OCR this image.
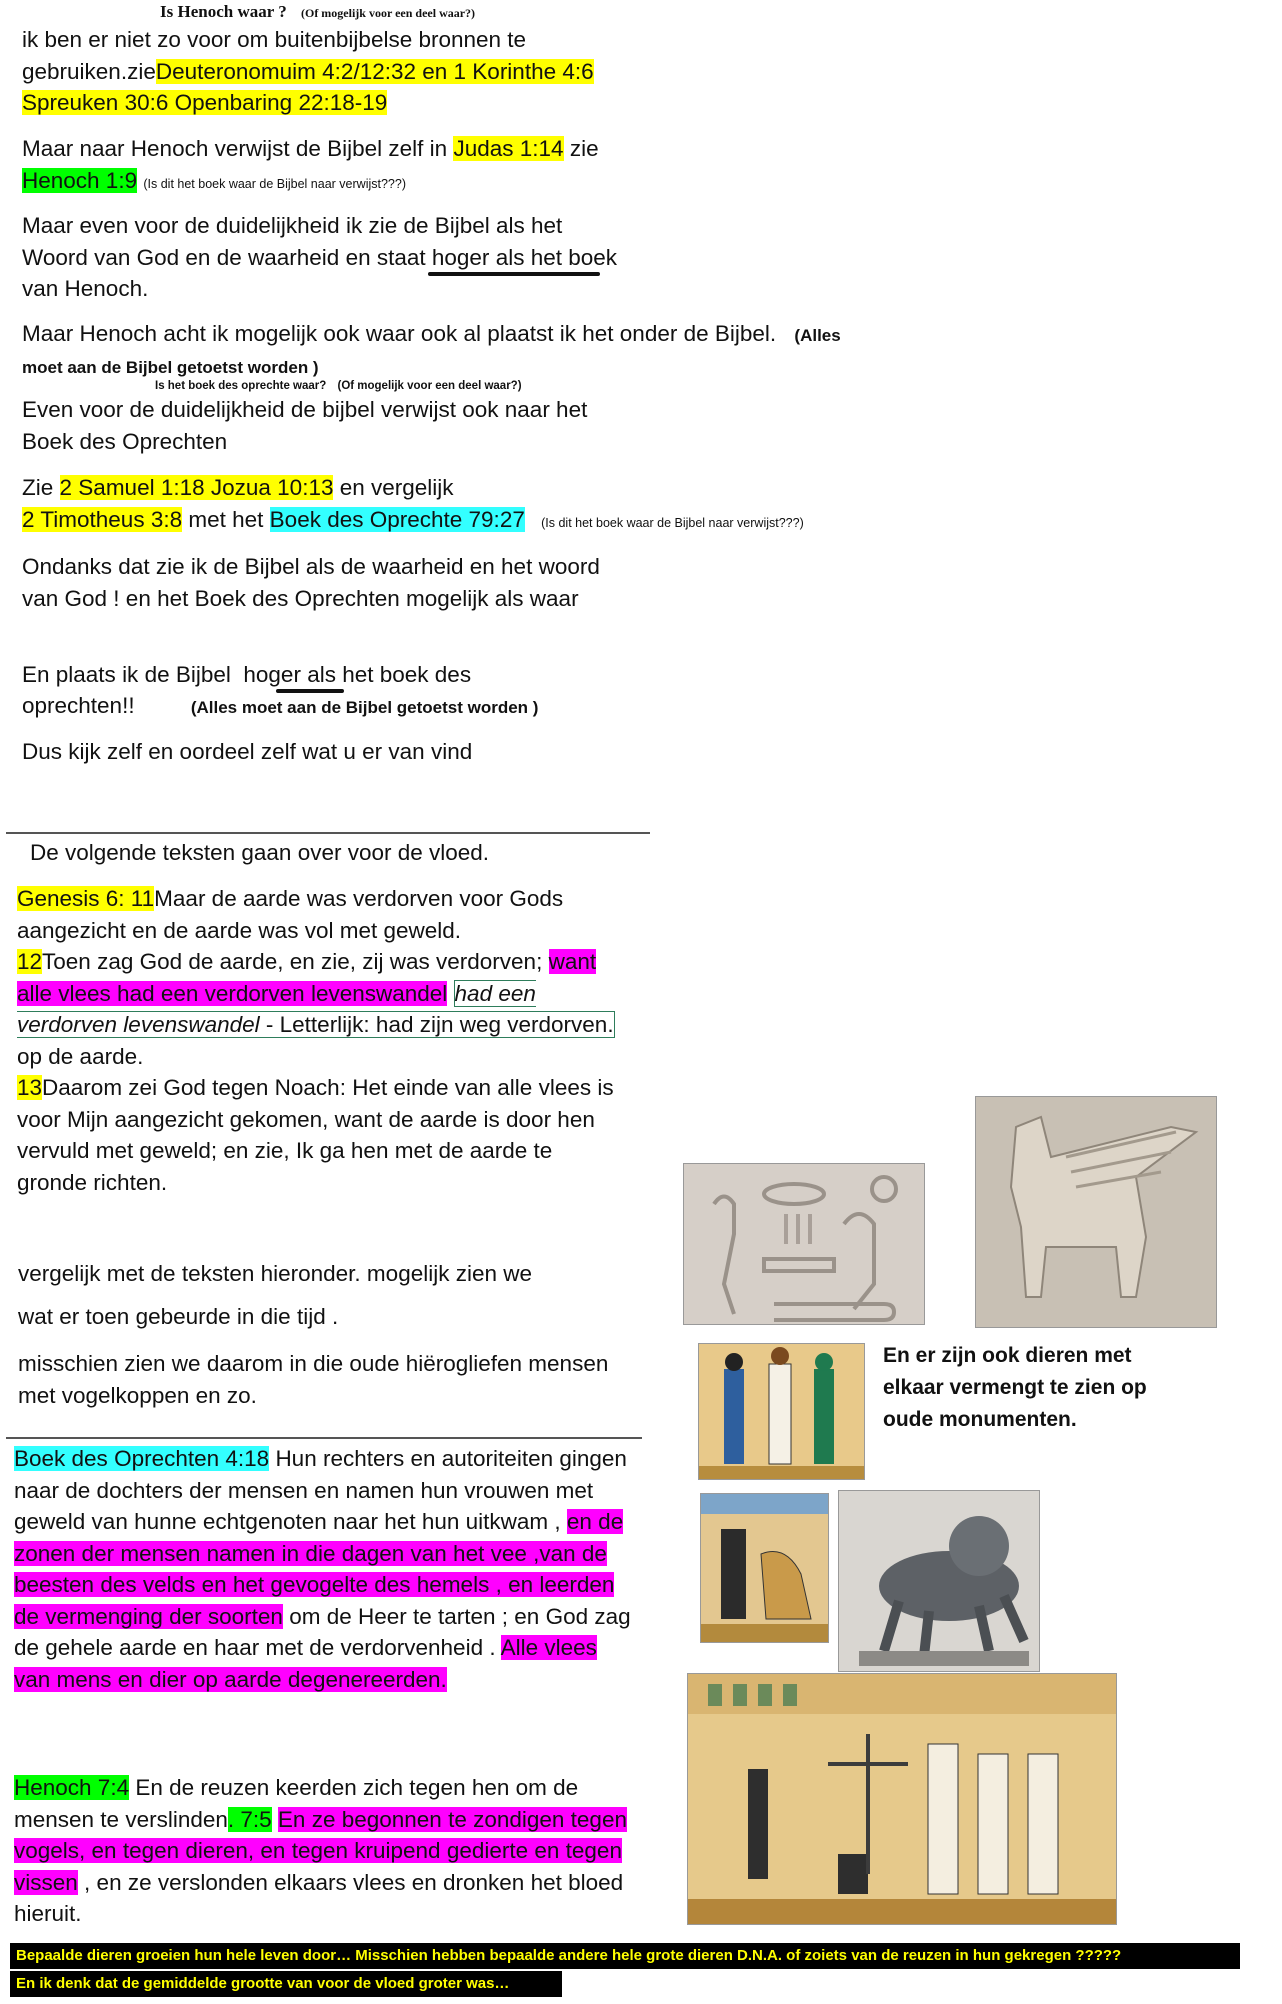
Is Henoch waar ? (Of mogelijk voor een deel waar?)
ik ben er niet zo voor om buitenbijbelse bronnen te gebruiken.zieDeuteronomuim 4:2/12:32 en 1 Korinthe 4:6 Spreuken 30:6 Openbaring 22:18-19
Maar naar Henoch verwijst de Bijbel zelf in Judas 1:14 zie Henoch 1:9 (Is dit het boek waar de Bijbel naar verwijst???)
Maar even voor de duidelijkheid ik zie de Bijbel als het Woord van God en de waarheid en staat hoger als het boek van Henoch.
Maar Henoch acht ik mogelijk ook waar ook al plaatst ik het onder de Bijbel. (Alles moet aan de Bijbel getoetst worden )
Is het boek des oprechte waar? (Of mogelijk voor een deel waar?)
Even voor de duidelijkheid de bijbel verwijst ook naar het Boek des Oprechten
Zie 2 Samuel 1:18 Jozua 10:13 en vergelijk
2 Timotheus 3:8 met het Boek des Oprechte 79:27 (Is dit het boek waar de Bijbel naar verwijst???)
Ondanks dat zie ik de Bijbel als de waarheid en het woord van God ! en het Boek des Oprechten mogelijk als waar
En plaats ik de Bijbel hoger als het boek des
oprechten!!	(Alles moet aan de Bijbel getoetst worden )
Dus kijk zelf en oordeel zelf wat u er van vind
De volgende teksten gaan over voor de vloed.
Genesis 6: 11Maar de aarde was verdorven voor Gods aangezicht en de aarde was vol met geweld.
12Toen zag God de aarde, en zie, zij was verdorven; want alle vlees had een verdorven levenswandel had een verdorven levenswandel - Letterlijk: had zijn weg verdorven. op de aarde.
13Daarom zei God tegen Noach: Het einde van alle vlees is voor Mijn aangezicht gekomen, want de aarde is door hen vervuld met geweld; en zie, Ik ga hen met de aarde te gronde richten.
vergelijk met de teksten hieronder. mogelijk zien we
wat er toen gebeurde in die tijd .
misschien zien we daarom in die oude hiërogliefen mensen met vogelkoppen en zo.
Boek des Oprechten 4:18 Hun rechters en autoriteiten gingen naar de dochters der mensen en namen hun vrouwen met geweld van hunne echtgenoten naar het hun uitkwam , en de zonen der mensen namen in die dagen van het vee ,van de beesten des velds en het gevogelte des hemels , en leerden de vermenging der soorten om de Heer te tarten ; en God zag de gehele aarde en haar met de verdorvenheid . Alle vlees van mens en dier op aarde degenereerden.
Henoch 7:4 En de reuzen keerden zich tegen hen om de mensen te verslinden. 7:5 En ze begonnen te zondigen tegen vogels, en tegen dieren, en tegen kruipend gedierte en tegen vissen , en ze verslonden elkaars vlees en dronken het bloed hieruit.
En er zijn ook dieren met elkaar vermengt te zien op oude monumenten.
Bepaalde dieren groeien hun hele leven door… Misschien hebben bepaalde andere hele grote dieren D.N.A. of zoiets van de reuzen in hun gekregen ?????
En ik denk dat de gemiddelde grootte van voor de vloed groter was…
